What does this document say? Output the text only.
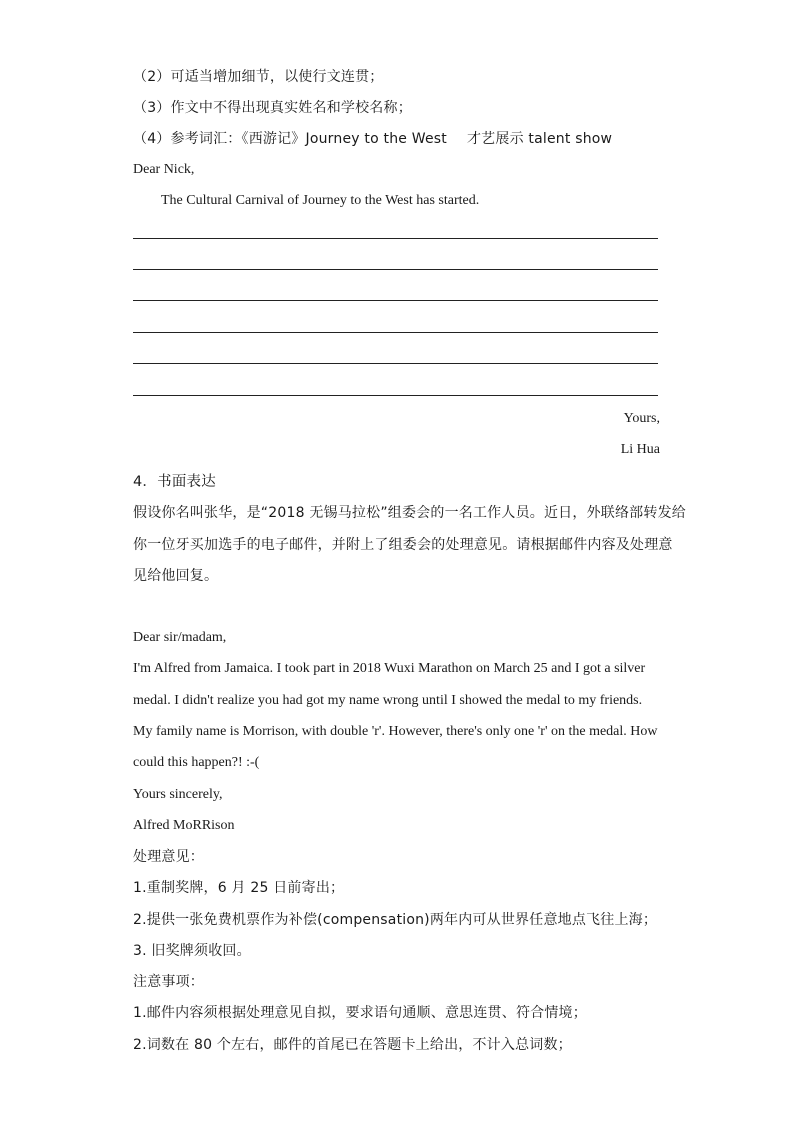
（2）可适当增加细节，以使行文连贯；
（3）作文中不得出现真实姓名和学校名称；
（4）参考词汇：《西游记》Journey to the West 才艺展示 talent show
Dear Nick,
The Cultural Carnival of Journey to the West has started.
Yours,
Li Hua
4．书面表达
假设你名叫张华，是“2018 无锡马拉松”组委会的一名工作人员。近日，外联络部转发给
你一位牙买加选手的电子邮件，并附上了组委会的处理意见。请根据邮件内容及处理意
见给他回复。
Dear sir/madam,
I'm Alfred from Jamaica. I took part in 2018 Wuxi Marathon on March 25 and I got a silver
medal. I didn't realize you had got my name wrong until I showed the medal to my friends.
My family name is Morrison, with double 'r'. However, there's only one 'r' on the medal. How
could this happen?! :-(
Yours sincerely,
Alfred MoRRison
处理意见：
1.重制奖牌，6 月 25 日前寄出；
2.提供一张免费机票作为补偿(compensation)两年内可从世界任意地点飞往上海；
3. 旧奖牌须收回。
注意事项：
1.邮件内容须根据处理意见自拟，要求语句通顺、意思连贯、符合情境；
2.词数在 80 个左右，邮件的首尾已在答题卡上给出，不计入总词数；
